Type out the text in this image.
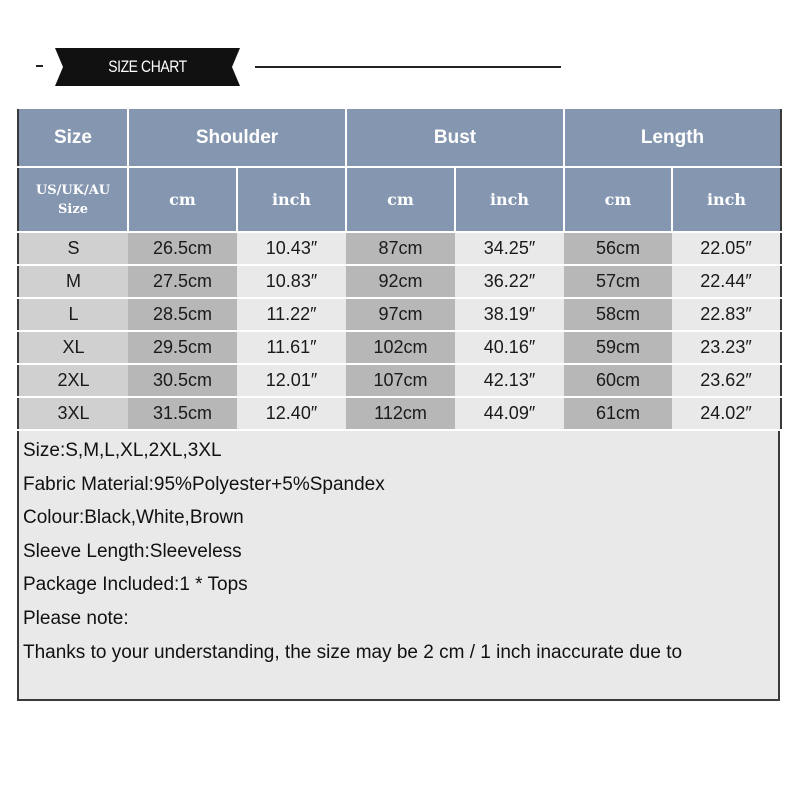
SIZE CHART
Size	Shoulder		Bust		Length	
US/UK/AU
Size	cm	inch	cm	inch	cm	inch
S	26.5cm	10.43″	87cm	34.25″	56cm	22.05″
M	27.5cm	10.83″	92cm	36.22″	57cm	22.44″
L	28.5cm	11.22″	97cm	38.19″	58cm	22.83″
XL	29.5cm	11.61″	102cm	40.16″	59cm	23.23″
2XL	30.5cm	12.01″	107cm	42.13″	60cm	23.62″
3XL	31.5cm	12.40″	112cm	44.09″	61cm	24.02″
Size:S,M,L,XL,2XL,3XL
Fabric Material:95%Polyester+5%Spandex
Colour:Black,White,Brown
Sleeve Length:Sleeveless
Package Included:1 * Tops
Please note:
Thanks to your understanding, the size may be 2 cm / 1 inch inaccurate due to
